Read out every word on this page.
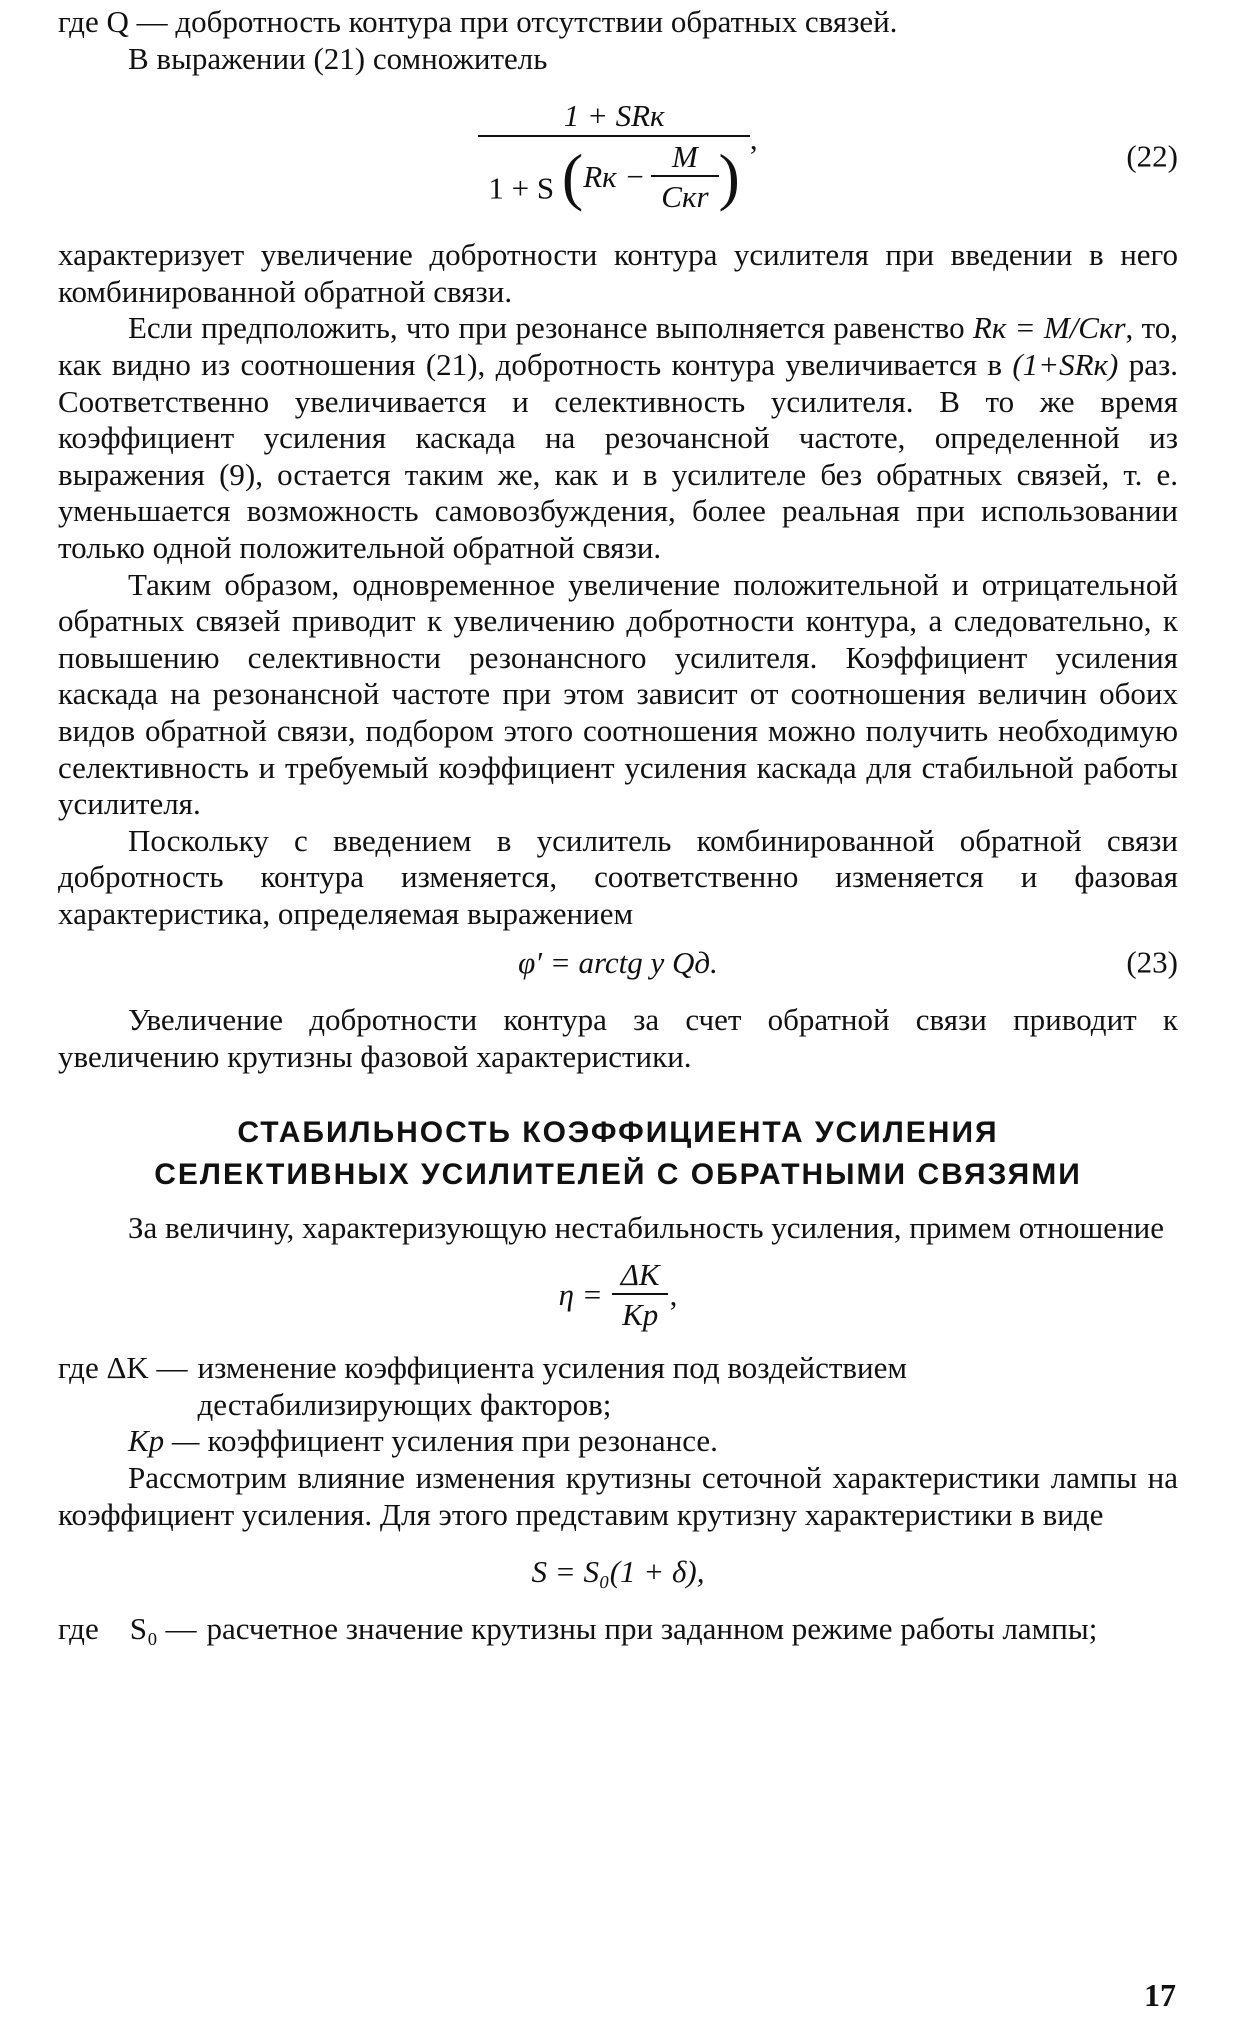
где Q — добротность контура при отсутствии обратных связей.

В выражении (21) сомножитель

1 + SRк
1 + S ( Rк − $\frac{M}{\text{Cкr}}$ )
,
(22)

характеризует увеличение добротности контура усилителя при введении в него комбинированной обратной связи.

Если предположить, что при резонансе выполняется равенство Rк = M/Cкr, то, как видно из соотношения (21), добротность контура увеличивается в (1+SRк) раз. Соответственно увеличивается и селективность усилителя. В то же время коэффициент усиления каскада на резочансной частоте, определенной из выражения (9), остается таким же, как и в усилителе без обратных связей, т. е. уменьшается возможность самовозбуждения, более реальная при использовании только одной положительной обратной связи.

Таким образом, одновременное увеличение положительной и отрицательной обратных связей приводит к увеличению добротности контура, а следовательно, к повышению селективности резонансного усилителя. Коэффициент усиления каскада на резонансной частоте при этом зависит от соотношения величин обоих видов обратной связи, подбором этого соотношения можно получить необходимую селективность и требуемый коэффициент усиления каскада для стабильной работы усилителя.

Поскольку с введением в усилитель комбинированной обратной связи добротность контура изменяется, соответственно изменяется и фазовая характеристика, определяемая выражением

φ′ = arctg y Qд.	(23)

Увеличение добротности контура за счет обратной связи приводит к увеличению крутизны фазовой характеристики.

СТАБИЛЬНОСТЬ КОЭФФИЦИЕНТА УСИЛЕНИЯ
СЕЛЕКТИВНЫХ УСИЛИТЕЛЕЙ С ОБРАТНЫМИ СВЯЗЯМИ

За величину, характеризующую нестабильность усиления, примем отношение

$\eta = \frac{\Delta K}{Kp}$ ,
где ΔK — изменение коэффициента усиления под воздействием дестабилизирующих факторов;
Kp — коэффициент усиления при резонансе.

Рассмотрим влияние изменения крутизны сеточной характеристики лампы на коэффициент усиления. Для этого представим крутизну характеристики в виде

S = S₀(1 + δ),
где    S₀ — расчетное значение крутизны при заданном режиме работы лампы;
17
